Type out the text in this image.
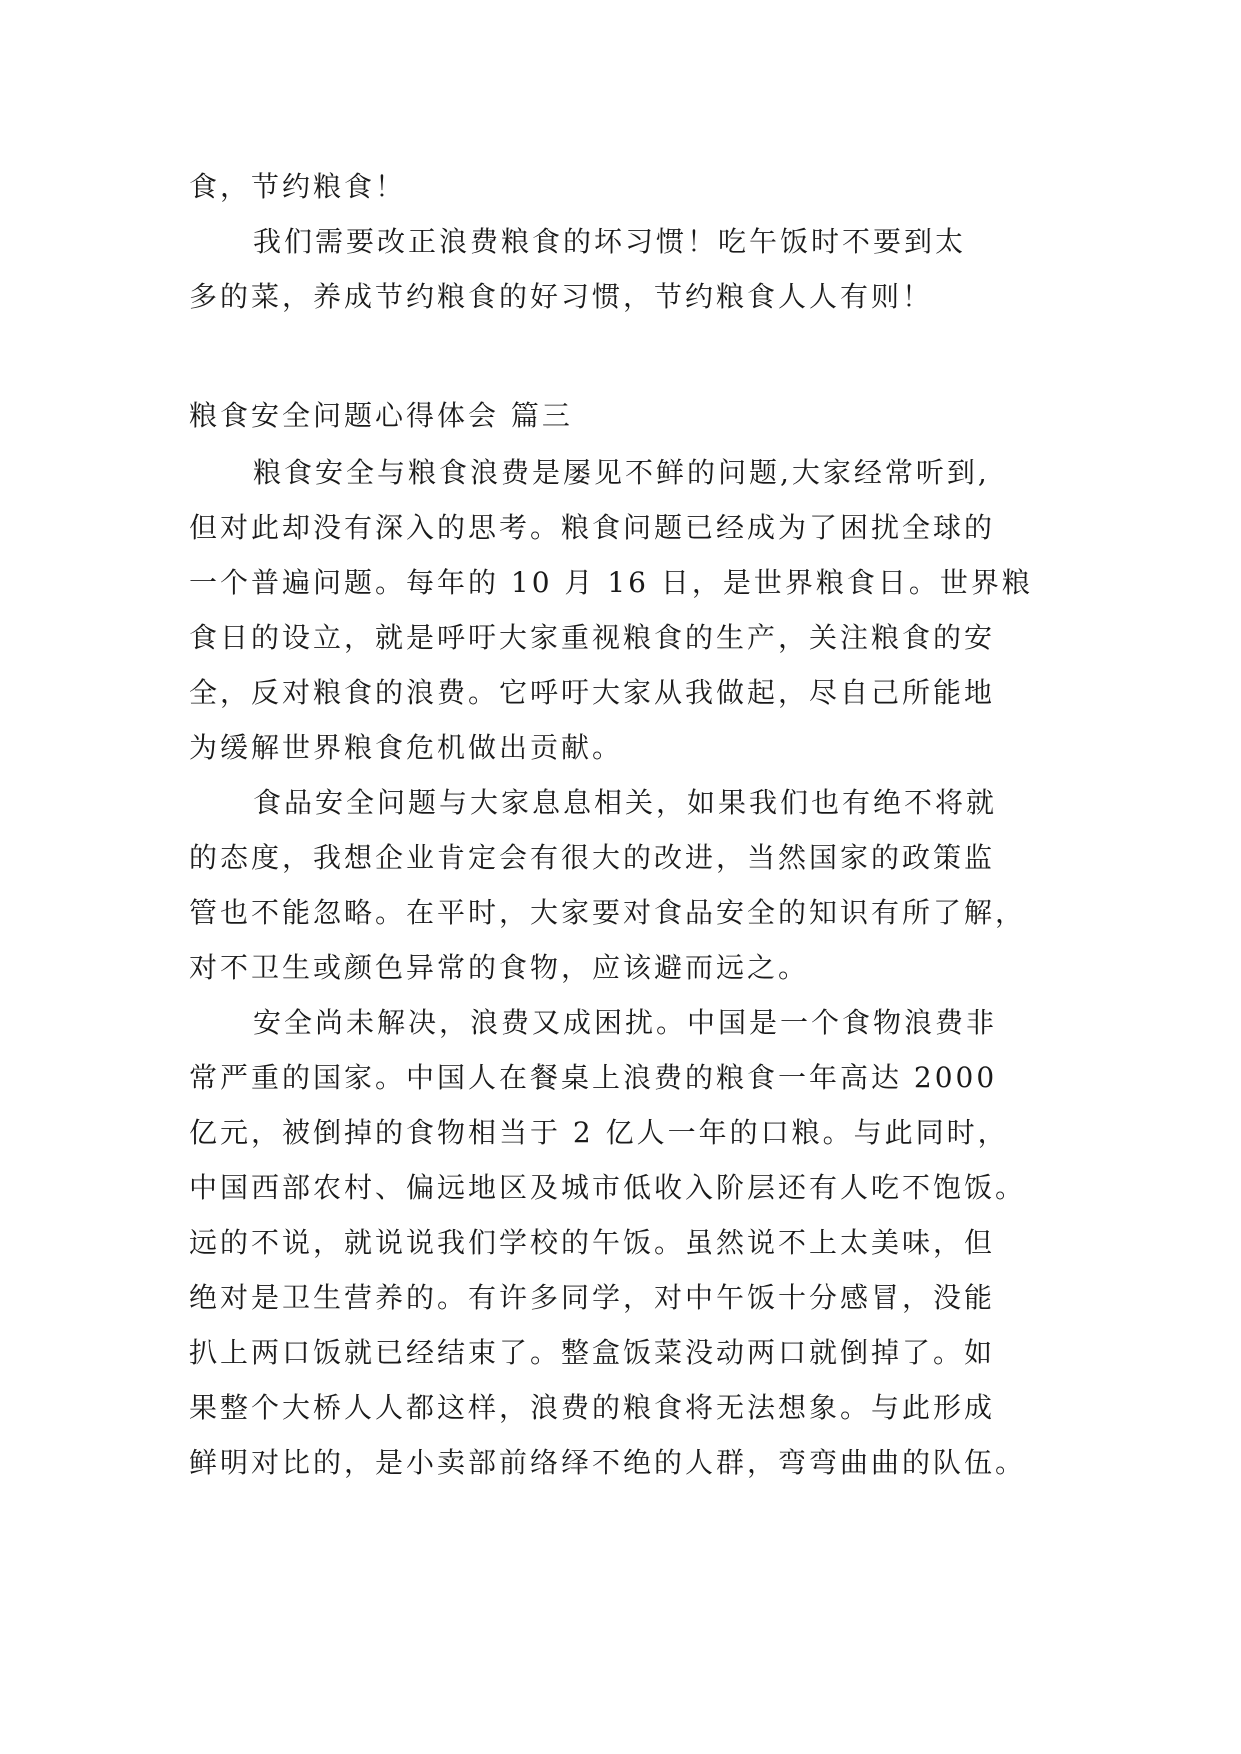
食，节约粮食！
我们需要改正浪费粮食的坏习惯！吃午饭时不要到太
多的菜，养成节约粮食的好习惯，节约粮食人人有则！
粮食安全问题心得体会 篇三
粮食安全与粮食浪费是屡见不鲜的问题,大家经常听到,
但对此却没有深入的思考。粮食问题已经成为了困扰全球的
一个普遍问题。每年的 10 月 16 日，是世界粮食日。世界粮
食日的设立，就是呼吁大家重视粮食的生产，关注粮食的安
全，反对粮食的浪费。它呼吁大家从我做起，尽自己所能地
为缓解世界粮食危机做出贡献。
食品安全问题与大家息息相关，如果我们也有绝不将就
的态度，我想企业肯定会有很大的改进，当然国家的政策监
管也不能忽略。在平时，大家要对食品安全的知识有所了解，
对不卫生或颜色异常的食物，应该避而远之。
安全尚未解决，浪费又成困扰。中国是一个食物浪费非
常严重的国家。中国人在餐桌上浪费的粮食一年高达 2000
亿元，被倒掉的食物相当于 2 亿人一年的口粮。与此同时，
中国西部农村、偏远地区及城市低收入阶层还有人吃不饱饭。
远的不说，就说说我们学校的午饭。虽然说不上太美味，但
绝对是卫生营养的。有许多同学，对中午饭十分感冒，没能
扒上两口饭就已经结束了。整盒饭菜没动两口就倒掉了。如
果整个大桥人人都这样，浪费的粮食将无法想象。与此形成
鲜明对比的，是小卖部前络绎不绝的人群，弯弯曲曲的队伍。
